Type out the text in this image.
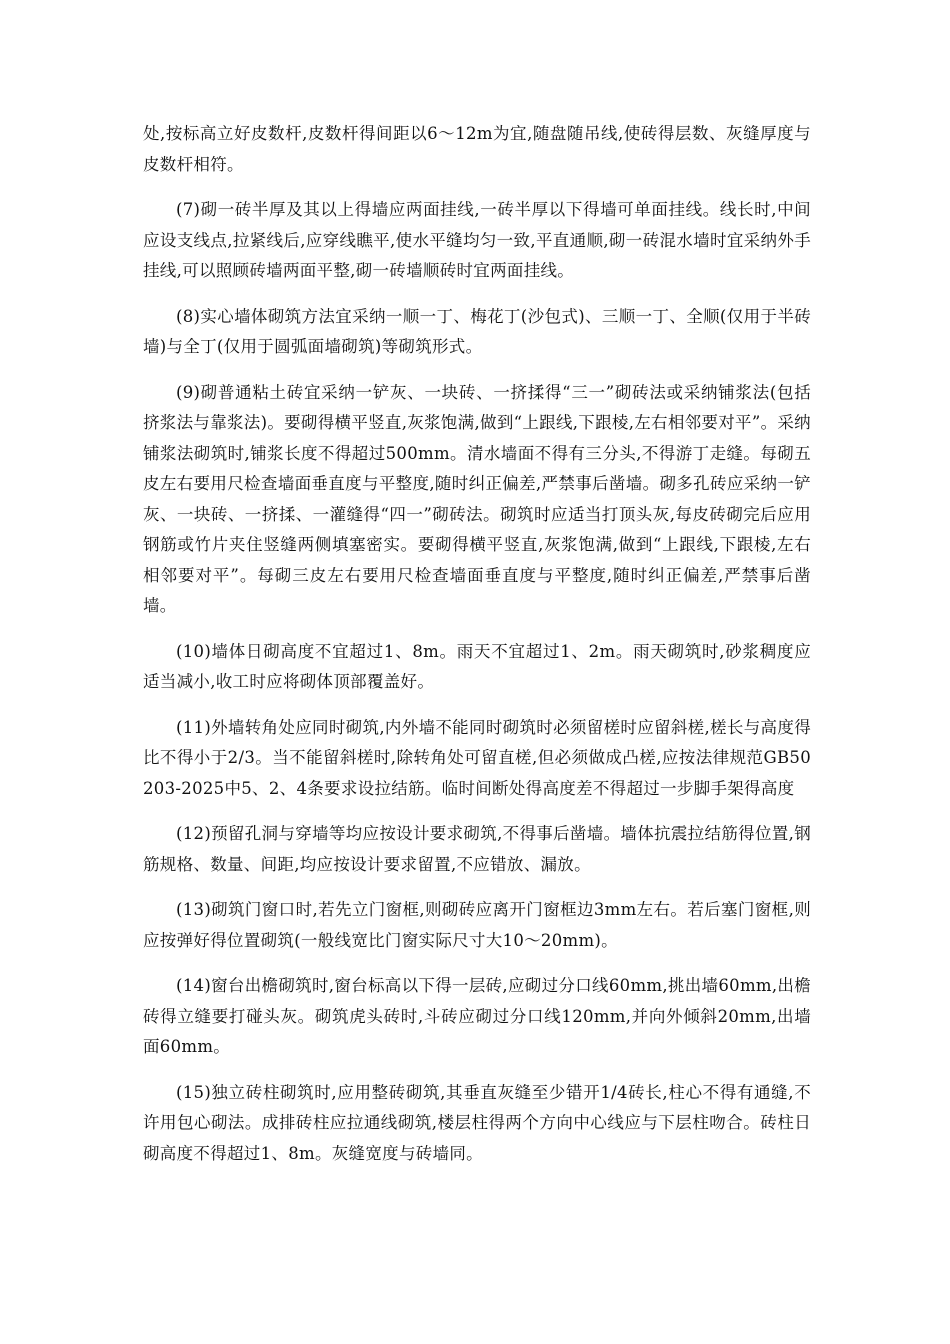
处,按标高立好皮数杆,皮数杆得间距以6～12m为宜,随盘随吊线,使砖得层数、灰缝厚度与皮数杆相符。

(7)砌一砖半厚及其以上得墙应两面挂线,一砖半厚以下得墙可单面挂线。线长时,中间应设支线点,拉紧线后,应穿线瞧平,使水平缝均匀一致,平直通顺,砌一砖混水墙时宜采纳外手挂线,可以照顾砖墙两面平整,砌一砖墙顺砖时宜两面挂线。

(8)实心墙体砌筑方法宜采纳一顺一丁、梅花丁(沙包式)、三顺一丁、全顺(仅用于半砖墙)与全丁(仅用于圆弧面墙砌筑)等砌筑形式。

(9)砌普通粘土砖宜采纳一铲灰、一块砖、一挤揉得“三一”砌砖法或采纳铺浆法(包括挤浆法与靠浆法)。要砌得横平竖直,灰浆饱满,做到“上跟线,下跟棱,左右相邻要对平”。采纳铺浆法砌筑时,铺浆长度不得超过500mm。清水墙面不得有三分头,不得游丁走缝。每砌五皮左右要用尺检查墙面垂直度与平整度,随时纠正偏差,严禁事后凿墙。砌多孔砖应采纳一铲灰、一块砖、一挤揉、一灌缝得“四一”砌砖法。砌筑时应适当打顶头灰,每皮砖砌完后应用钢筋或竹片夹住竖缝两侧填塞密实。要砌得横平竖直,灰浆饱满,做到“上跟线,下跟棱,左右相邻要对平”。每砌三皮左右要用尺检查墙面垂直度与平整度,随时纠正偏差,严禁事后凿墙。

(10)墙体日砌高度不宜超过1、8m。雨天不宜超过1、2m。雨天砌筑时,砂浆稠度应适当减小,收工时应将砌体顶部覆盖好。

(11)外墙转角处应同时砌筑,内外墙不能同时砌筑时必须留槎时应留斜槎,槎长与高度得比不得小于2/3。当不能留斜槎时,除转角处可留直槎,但必须做成凸槎,应按法律规范GB50203-2025中5、2、4条要求设拉结筋。临时间断处得高度差不得超过一步脚手架得高度

(12)预留孔洞与穿墙等均应按设计要求砌筑,不得事后凿墙。墙体抗震拉结筋得位置,钢筋规格、数量、间距,均应按设计要求留置,不应错放、漏放。

(13)砌筑门窗口时,若先立门窗框,则砌砖应离开门窗框边3mm左右。若后塞门窗框,则应按弹好得位置砌筑(一般线宽比门窗实际尺寸大10～20mm)。

(14)窗台出檐砌筑时,窗台标高以下得一层砖,应砌过分口线60mm,挑出墙60mm,出檐砖得立缝要打碰头灰。砌筑虎头砖时,斗砖应砌过分口线120mm,并向外倾斜20mm,出墙面60mm。

(15)独立砖柱砌筑时,应用整砖砌筑,其垂直灰缝至少错开1/4砖长,柱心不得有通缝,不许用包心砌法。成排砖柱应拉通线砌筑,楼层柱得两个方向中心线应与下层柱吻合。砖柱日砌高度不得超过1、8m。灰缝宽度与砖墙同。
